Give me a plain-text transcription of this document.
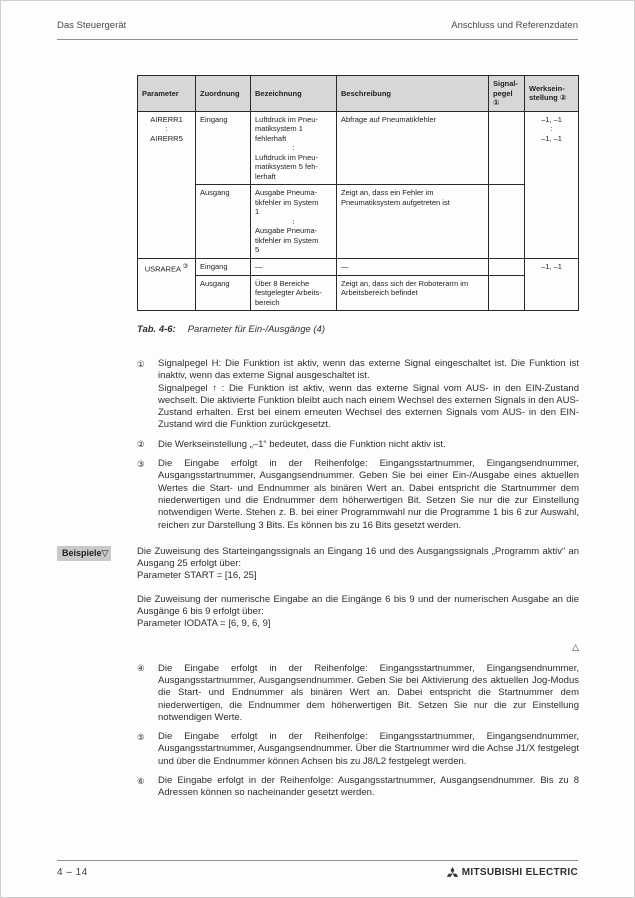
Das Steuergerät	Anschluss und Referenzdaten
Parameter	Zuordnung	Bezeichnung	Beschreibung	Signal-
pegel ①	Werksein-
stellung ②

AIRERR1
:
AIRERR5
	Eingang	Luftdruck im Pneu-
matiksystem 1
fehlerhaft
:
Luftdruck im Pneu-
matiksystem 5 feh-
lerhaft
	Abfrage auf Pneumatikfehler		–1, –1
:
–1, –1

Ausgang	Ausgabe Pneuma-
tikfehler im System
1
:
Ausgabe Pneuma-
tikfehler im System
5
	Zeigt an, dass ein Fehler im Pneumatiksystem aufgetreten ist	
USRAREA ③	Eingang	—	—		–1, –1

	Ausgang	Über 8 Bereiche
festgelegter Arbeits-
bereich	Zeigt an, dass sich der Roboterarm im Arbeitsbereich befindet		
Tab. 4-6: Parameter für Ein-/Ausgänge (4)
①	Signalpegel H: Die Funktion ist aktiv, wenn das externe Signal eingeschaltet ist. Die Funktion ist inaktiv, wenn das externe Signal ausgeschaltet ist.
Signalpegel ↑ : Die Funktion ist aktiv, wenn das externe Signal vom AUS- in den EIN-Zustand wechselt. Die aktivierte Funktion bleibt auch nach einem Wechsel des externen Signals in den AUS-Zustand erhalten. Erst bei einem erneuten Wechsel des externen Signals vom AUS- in den EIN-Zustand wird die Funktion zurückgesetzt.
②	Die Werkseinstellung „–1“ bedeutet, dass die Funktion nicht aktiv ist.
③	Die Eingabe erfolgt in der Reihenfolge: Eingangsstartnummer, Eingangsendnummer, Ausgangsstartnummer, Ausgangsendnummer. Geben Sie bei einer Ein-/Ausgabe eines aktuellen Wertes die Start- und Endnummer als binären Wert an. Dabei entspricht die Startnummer dem niederwertigen und die Endnummer dem höherwertigen Bit. Setzen Sie nur die zur Einstellung notwendigen Werte. Stehen z. B. bei einer Programmwahl nur die Programme 1 bis 6 zur Auswahl, reichen zur Darstellung 3 Bits. Es können bis zu 16 Bits gesetzt werden.
Beispiele▽	Die Zuweisung des Starteingangssignals an Eingang 16 und des Ausgangssignals „Programm aktiv“ an Ausgang 25 erfolgt über:
Parameter START = [16, 25]
Die Zuweisung der numerische Eingabe an die Eingänge 6 bis 9 und der numerischen Ausgabe an die Ausgänge 6 bis 9 erfolgt über:
Parameter IODATA = [6, 9, 6, 9]
△
④	Die Eingabe erfolgt in der Reihenfolge: Eingangsstartnummer, Eingangsendnummer, Ausgangsstartnummer, Ausgangsendnummer. Geben Sie bei Aktivierung des aktuellen Jog-Modus die Start- und Endnummer als binären Wert an. Dabei entspricht die Startnummer dem niederwertigen, die Endnummer dem höherwertigen Bit. Setzen Sie nur die zur Einstellung notwendigen Werte.
⑤	Die Eingabe erfolgt in der Reihenfolge: Eingangsstartnummer, Eingangsendnummer, Ausgangsstartnummer, Ausgangsendnummer. Über die Startnummer wird die Achse J1/X festgelegt und über die Endnummer können Achsen bis zu J8/L2 festgelegt werden.
⑥	Die Eingabe erfolgt in der Reihenfolge: Ausgangsstartnummer, Ausgangsendnummer. Bis zu 8 Adressen können so nacheinander gesetzt werden.
4 – 14	MITSUBISHI ELECTRIC
